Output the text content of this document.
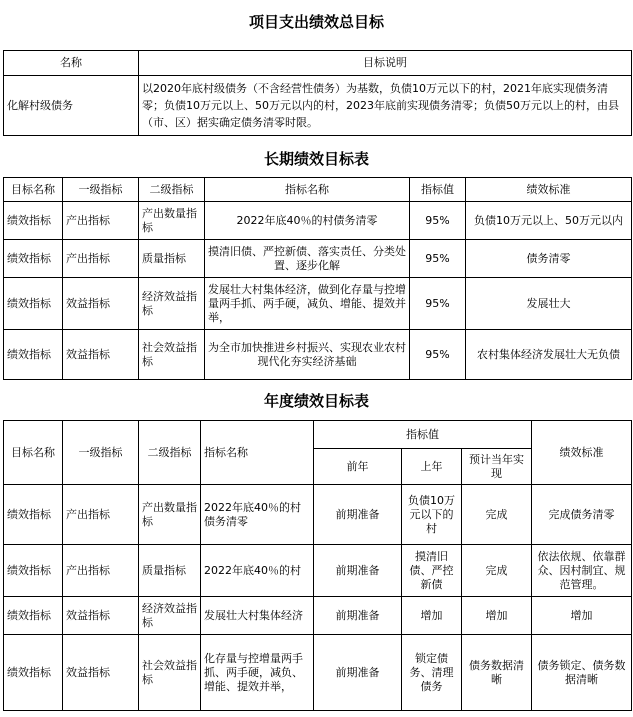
项目支出绩效总目标
名称	目标说明
化解村级债务	以2020年底村级债务（不含经营性债务）为基数，负债10万元以下的村，2021年底实现债务清零；负债10万元以上、50万元以内的村，2023年底前实现债务清零；负债50万元以上的村，由县（市、区）据实确定债务清零时限。
长期绩效目标表
目标名称	一级指标	二级指标	指标名称	指标值	绩效标准
绩效指标	产出指标	产出数量指标	2022年底40％的村债务清零	95%	负债10万元以上、50万元以内
绩效指标	产出指标	质量指标	摸清旧债、严控新债、落实责任、分类处置、逐步化解	95%	债务清零
绩效指标	效益指标	经济效益指标	发展壮大村集体经济，做到化存量与控增量两手抓、两手硬，减负、增能、提效并举，	95%	发展壮大
绩效指标	效益指标	社会效益指标	为全市加快推进乡村振兴、实现农业农村现代化夯实经济基础	95%	农村集体经济发展壮大无负债
年度绩效目标表
目标名称	一级指标	二级指标	指标名称	指标值			绩效标准
				前年	上年	预计当年实现	
绩效指标	产出指标	产出数量指标	2022年底40％的村债务清零	前期准备	负债10万元以下的村	完成	完成债务清零
绩效指标	产出指标	质量指标	2022年底40％的村	前期准备	摸清旧债、严控新债	完成	依法依规、依靠群众、因村制宜、规范管理。
绩效指标	效益指标	经济效益指标	发展壮大村集体经济	前期准备	增加	增加	增加
绩效指标	效益指标	社会效益指标	化存量与控增量两手抓、两手硬，减负、增能、提效并举，	前期准备	锁定债务、清理债务	债务数据清晰	债务锁定、债务数据清晰
